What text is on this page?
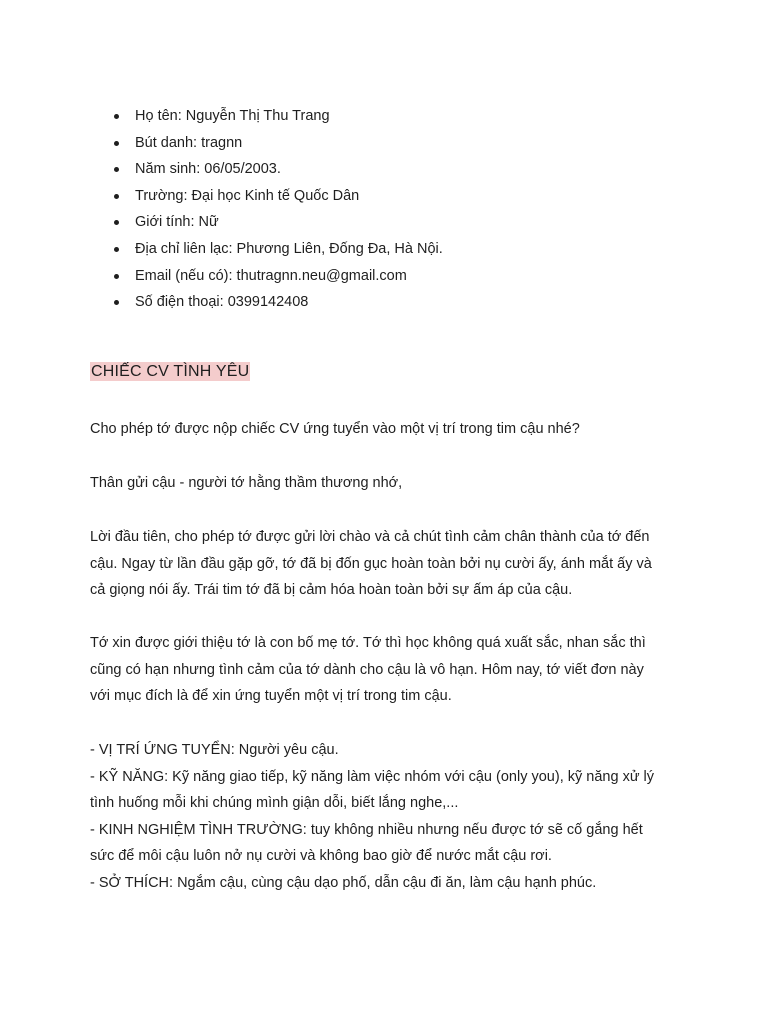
Họ tên: Nguyễn Thị Thu Trang
Bút danh: tragnn
Năm sinh: 06/05/2003.
Trường: Đại học Kinh tế Quốc Dân
Giới tính: Nữ
Địa chỉ liên lạc: Phương Liên, Đống Đa, Hà Nội.
Email (nếu có): thutragnn.neu@gmail.com
Số điện thoại: 0399142408
CHIẾC CV TÌNH YÊU

Cho phép tớ được nộp chiếc CV ứng tuyển vào một vị trí trong tim cậu nhé?

Thân gửi cậu - người tớ hằng thầm thương nhớ,

Lời đầu tiên, cho phép tớ được gửi lời chào và cả chút tình cảm chân thành của tớ đến
cậu. Ngay từ lần đầu gặp gỡ, tớ đã bị đốn gục hoàn toàn bởi nụ cười ấy, ánh mắt ấy và
cả giọng nói ấy. Trái tim tớ đã bị cảm hóa hoàn toàn bởi sự ấm áp của cậu.

Tớ xin được giới thiệu tớ là con bố mẹ tớ. Tớ thì học không quá xuất sắc, nhan sắc thì
cũng có hạn nhưng tình cảm của tớ dành cho cậu là vô hạn. Hôm nay, tớ viết đơn này
với mục đích là để xin ứng tuyển một vị trí trong tim cậu.

- VỊ TRÍ ỨNG TUYỂN: Người yêu cậu.
- KỸ NĂNG: Kỹ năng giao tiếp, kỹ năng làm việc nhóm với cậu (only you), kỹ năng xử lý
tình huống mỗi khi chúng mình giận dỗi, biết lắng nghe,...
- KINH NGHIỆM TÌNH TRƯỜNG: tuy không nhiều nhưng nếu được tớ sẽ cố gắng hết
sức để môi cậu luôn nở nụ cười và không bao giờ để nước mắt cậu rơi.
- SỞ THÍCH: Ngắm cậu, cùng cậu dạo phố, dẫn cậu đi ăn, làm cậu hạnh phúc.
